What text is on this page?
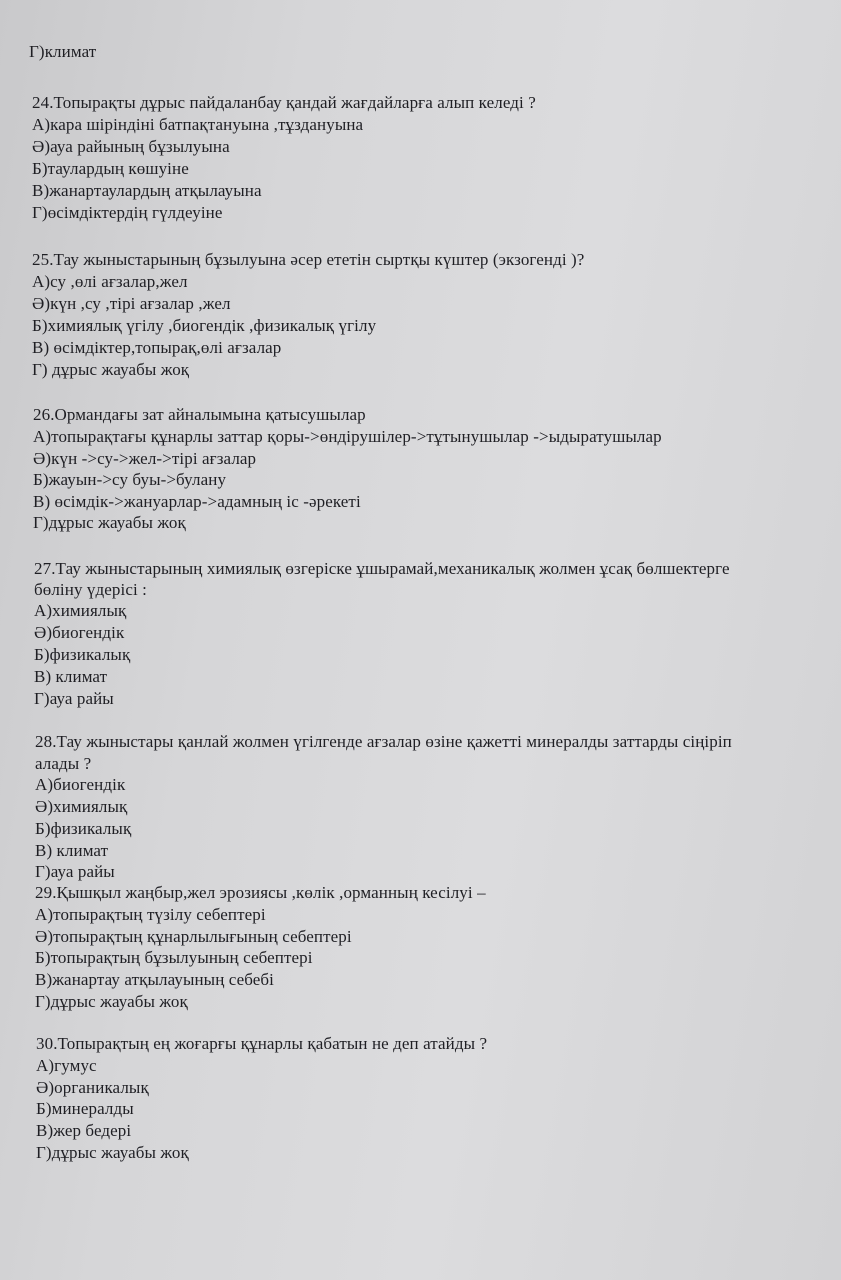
Г)климат
24.Топырақты дұрыс пайдаланбау қандай жағдайларға алып келеді ?
А)кара шіріндіні батпақтануына ,тұздануына
Ә)ауа райының бұзылуына
Б)таулардың көшуіне
В)жанартаулардың атқылауына
Г)өсімдіктердің гүлдеуіне
25.Тау жыныстарының бұзылуына әсер ететін сыртқы күштер (экзогенді )?
А)су ,өлі ағзалар,жел
Ә)күн ,су ,тірі ағзалар ,жел
Б)химиялық үгілу ,биогендік ,физикалық үгілу
В) өсімдіктер,топырақ,өлі ағзалар
Г) дұрыс жауабы жоқ
26.Ормандағы зат айналымына қатысушылар
А)топырақтағы құнарлы заттар қоры->өндірушілер->тұтынушылар ->ыдыратушылар
Ә)күн ->су->жел->тірі ағзалар
Б)жауын->су буы->булану
В) өсімдік->жануарлар->адамның іс -әрекеті
Г)дұрыс жауабы жоқ
27.Тау жыныстарының химиялық өзгеріске ұшырамай,механикалық жолмен ұсақ бөлшектерге
бөліну үдерісі :
А)химиялық
Ә)биогендік
Б)физикалық
В) климат
Г)ауа райы
28.Тау жыныстары қанлай жолмен үгілгенде ағзалар өзіне қажетті минералды заттарды сіңіріп
алады ?
А)биогендік
Ә)химиялық
Б)физикалық
В) климат
Г)ауа райы
29.Қышқыл жаңбыр,жел эрозиясы ,көлік ,орманның кесілуі –
А)топырақтың түзілу себептері
Ә)топырақтың құнарлылығының себептері
Б)топырақтың бұзылуының себептері
В)жанартау атқылауының себебі
Г)дұрыс жауабы жоқ
30.Топырақтың ең жоғарғы құнарлы қабатын не деп атайды ?
А)гумус
Ә)органикалық
Б)минералды
В)жер бедері
Г)дұрыс жауабы жоқ
